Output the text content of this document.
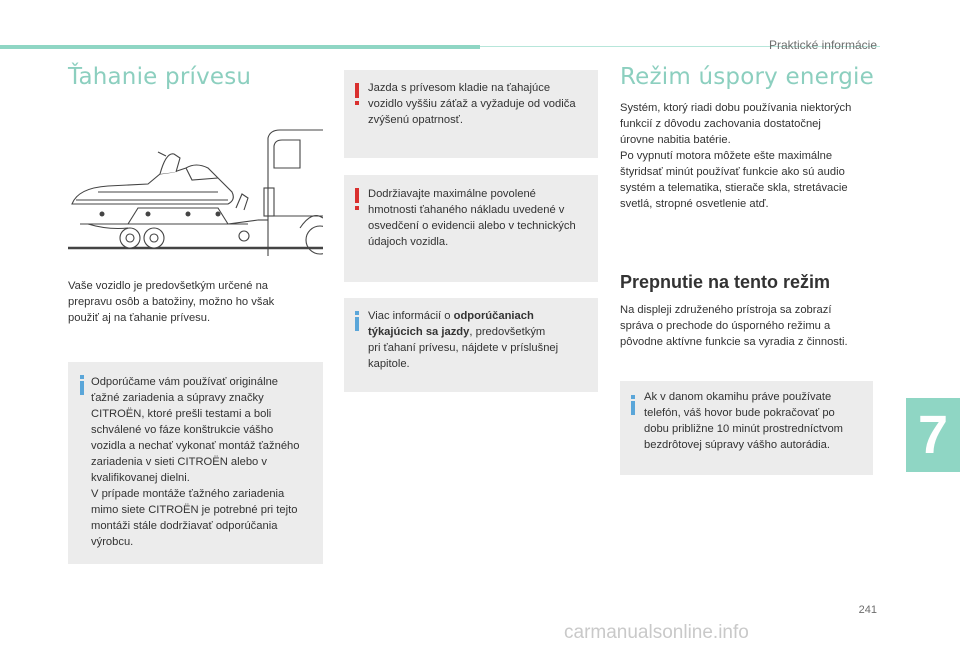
Praktické informácie
Ťahanie prívesu

Vaše vozidlo je predovšetkým určené na
prepravu osôb a batožiny, možno ho však
použiť aj na ťahanie prívesu.

Odporúčame vám používať originálne
ťažné zariadenia a súpravy značky
CITROËN, ktoré prešli testami a boli
schválené vo fáze konštrukcie vášho
vozidla a nechať vykonať montáž ťažného
zariadenia v sieti CITROËN alebo v
kvalifikovanej dielni.
V prípade montáže ťažného zariadenia
mimo siete CITROËN je potrebné pri tejto
montáži stále dodržiavať odporúčania
výrobcu.
Jazda s prívesom kladie na ťahajúce
vozidlo vyššiu záťaž a vyžaduje od vodiča
zvýšenú opatrnosť.
Dodržiavajte maximálne povolené
hmotnosti ťahaného nákladu uvedené v
osvedčení o evidencii alebo v technických
údajoch vozidla.
Viac informácií o odporúčaniach
týkajúcich sa jazdy, predovšetkým
pri ťahaní prívesu, nájdete v príslušnej
kapitole.
Režim úspory energie

Systém, ktorý riadi dobu používania niektorých
funkcií z dôvodu zachovania dostatočnej
úrovne nabitia batérie.
Po vypnutí motora môžete ešte maximálne
štyridsať minút používať funkcie ako sú audio
systém a telematika, stierače skla, stretávacie
svetlá, stropné osvetlenie atď.

Prepnutie na tento režim

Na displeji združeného prístroja sa zobrazí
správa o prechode do úsporného režimu a
pôvodne aktívne funkcie sa vyradia z činnosti.

Ak v danom okamihu práve používate
telefón, váš hovor bude pokračovať po
dobu približne 10 minút prostredníctvom
bezdrôtovej súpravy vášho autorádia.	7
241
carmanualsonline.info
